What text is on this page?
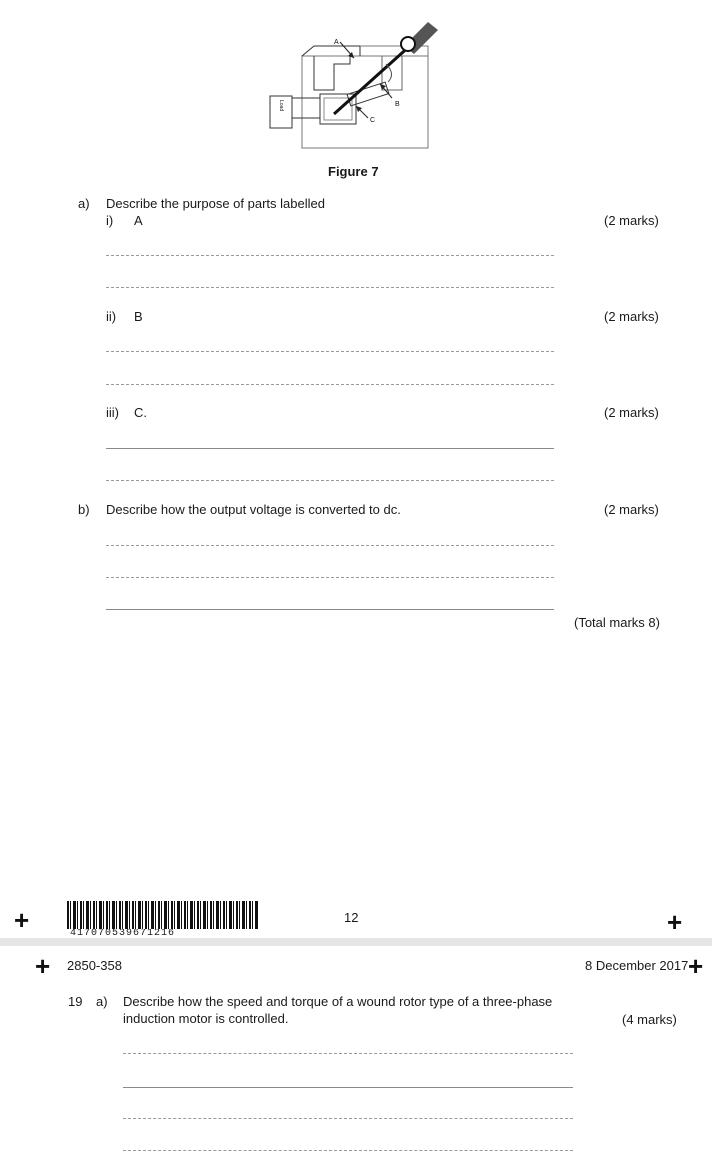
A
B
C
Load
Figure 7
a) Describe the purpose of parts labelled
i) A	(2 marks)
ii) B	(2 marks)
iii) C.	(2 marks)
b) Describe how the output voltage is converted to dc.	(2 marks)
(Total marks 8)
+	417070539671216
12	+
+ 2850-358	8 December 2017 +
19 a) Describe how the speed and torque of a wound rotor type of a three-phase
induction motor is controlled.	(4 marks)
